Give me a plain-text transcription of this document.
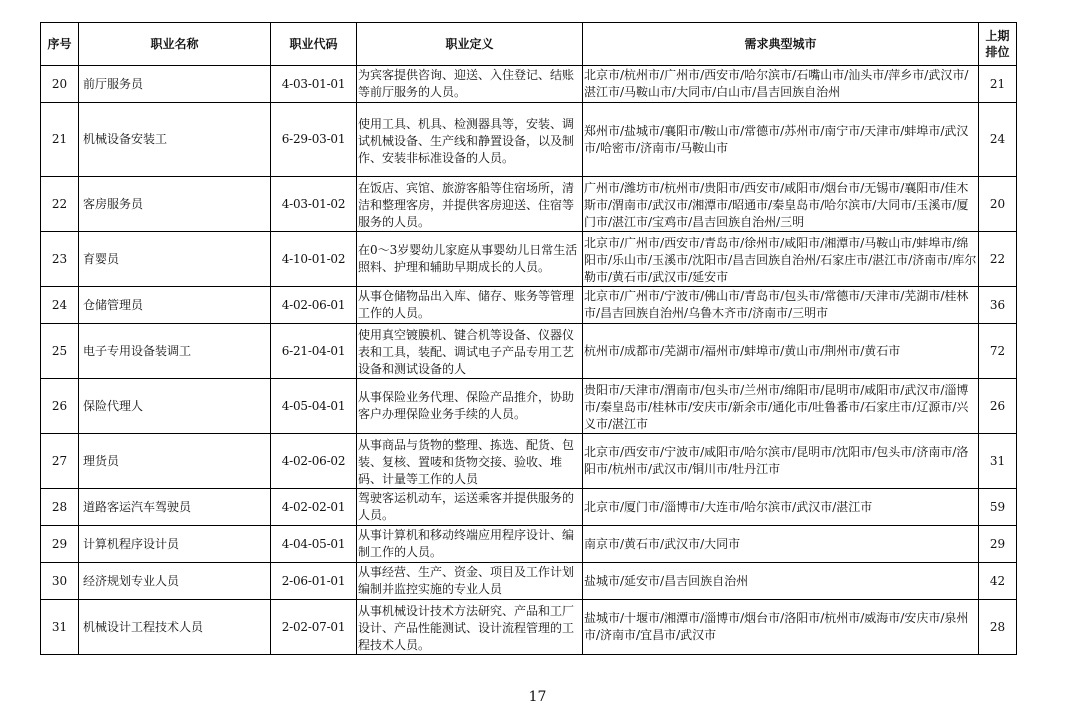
序号	职业名称	职业代码	职业定义	需求典型城市	上期排位

20	前厅服务员	4-03-01-01	为宾客提供咨询、迎送、入住登记、结账等前厅服务的人员。	北京市/杭州市/广州市/西安市/哈尔滨市/石嘴山市/汕头市/萍乡市/武汉市/湛江市/马鞍山市/大同市/白山市/昌吉回族自治州	21

21	机械设备安装工	6-29-03-01	使用工具、机具、检测器具等，安装、调试机械设备、生产线和静置设备，以及制作、安装非标准设备的人员。	郑州市/盐城市/襄阳市/鞍山市/常德市/苏州市/南宁市/天津市/蚌埠市/武汉市/哈密市/济南市/马鞍山市	24

22	客房服务员	4-03-01-02	在饭店、宾馆、旅游客船等住宿场所，清洁和整理客房，并提供客房迎送、住宿等服务的人员。	广州市/潍坊市/杭州市/贵阳市/西安市/咸阳市/烟台市/无锡市/襄阳市/佳木斯市/渭南市/武汉市/湘潭市/昭通市/秦皇岛市/哈尔滨市/大同市/玉溪市/厦门市/湛江市/宝鸡市/昌吉回族自治州/三明	20

23	育婴员	4-10-01-02	在0～3岁婴幼儿家庭从事婴幼儿日常生活照料、护理和辅助早期成长的人员。	北京市/广州市/西安市/青岛市/徐州市/咸阳市/湘潭市/马鞍山市/蚌埠市/绵阳市/乐山市/玉溪市/沈阳市/昌吉回族自治州/石家庄市/湛江市/济南市/库尔勒市/黄石市/武汉市/延安市	22

24	仓储管理员	4-02-06-01	从事仓储物品出入库、储存、账务等管理工作的人员。	北京市/广州市/宁波市/佛山市/青岛市/包头市/常德市/天津市/芜湖市/桂林市/昌吉回族自治州/乌鲁木齐市/济南市/三明市	36

25	电子专用设备装调工	6-21-04-01	使用真空镀膜机、键合机等设备、仪器仪表和工具，装配、调试电子产品专用工艺设备和测试设备的人	杭州市/成都市/芜湖市/福州市/蚌埠市/黄山市/荆州市/黄石市	72

26	保险代理人	4-05-04-01	从事保险业务代理、保险产品推介，协助客户办理保险业务手续的人员。	贵阳市/天津市/渭南市/包头市/兰州市/绵阳市/昆明市/咸阳市/武汉市/淄博市/秦皇岛市/桂林市/安庆市/新余市/通化市/吐鲁番市/石家庄市/辽源市/兴义市/湛江市	26

27	理货员	4-02-06-02	从事商品与货物的整理、拣选、配货、包装、复核、置唛和货物交接、验收、堆码、计量等工作的人员	北京市/西安市/宁波市/咸阳市/哈尔滨市/昆明市/沈阳市/包头市/济南市/洛阳市/杭州市/武汉市/铜川市/牡丹江市	31

28	道路客运汽车驾驶员	4-02-02-01	驾驶客运机动车，运送乘客并提供服务的人员。	北京市/厦门市/淄博市/大连市/哈尔滨市/武汉市/湛江市	59

29	计算机程序设计员	4-04-05-01	从事计算机和移动终端应用程序设计、编制工作的人员。	南京市/黄石市/武汉市/大同市	29

30	经济规划专业人员	2-06-01-01	从事经营、生产、资金、项目及工作计划编制并监控实施的专业人员	盐城市/延安市/昌吉回族自治州	42

31	机械设计工程技术人员	2-02-07-01	从事机械设计技术方法研究、产品和工厂设计、产品性能测试、设计流程管理的工程技术人员。	盐城市/十堰市/湘潭市/淄博市/烟台市/洛阳市/杭州市/威海市/安庆市/泉州市/济南市/宜昌市/武汉市	28
17
